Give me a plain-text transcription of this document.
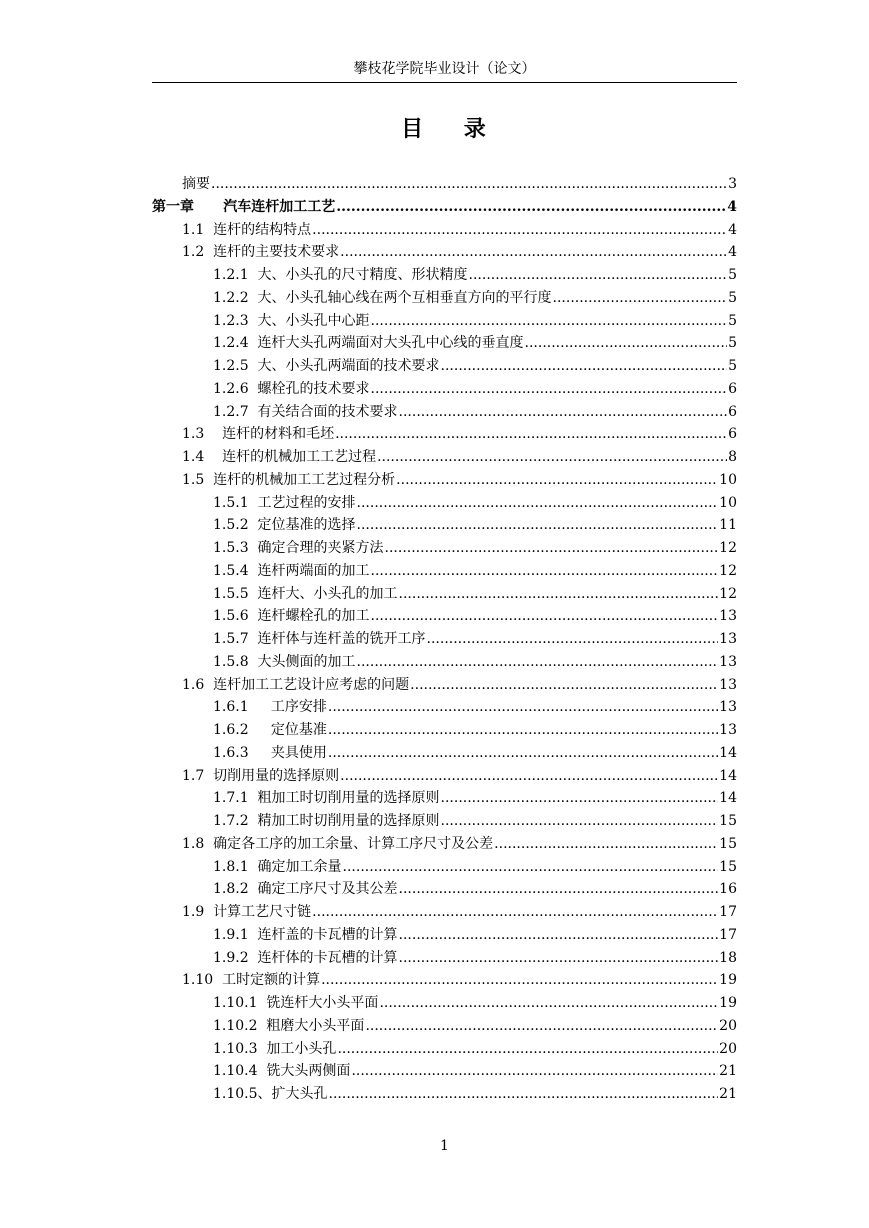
攀枝花学院毕业设计（论文）
目    录
摘要 .....	3
第一章      汽车连杆加工工艺 .....	4
1.1  连杆的结构特点 .....	4
1.2  连杆的主要技术要求 .....	4
1.2.1  大、小头孔的尺寸精度、形状精度 .....	5
1.2.2  大、小头孔轴心线在两个互相垂直方向的平行度 .....	5
1.2.3  大、小头孔中心距 .....	5
1.2.4  连杆大头孔两端面对大头孔中心线的垂直度 .....	5
1.2.5  大、小头孔两端面的技术要求 .....	5
1.2.6  螺栓孔的技术要求 .....	6
1.2.7  有关结合面的技术要求 .....	6
1.3    连杆的材料和毛坯 .....	6
1.4    连杆的机械加工工艺过程 .....	8
1.5  连杆的机械加工工艺过程分析 .....	10
1.5.1  工艺过程的安排 .....	10
1.5.2  定位基准的选择 .....	11
1.5.3  确定合理的夹紧方法 .....	12
1.5.4  连杆两端面的加工 .....	12
1.5.5  连杆大、小头孔的加工 .....	12
1.5.6  连杆螺栓孔的加工 .....	13
1.5.7  连杆体与连杆盖的铣开工序 .....	13
1.5.8  大头侧面的加工 .....	13
1.6  连杆加工工艺设计应考虑的问题 .....	13
1.6.1     工序安排 .....	13
1.6.2     定位基准 .....	13
1.6.3     夹具使用 .....	14
1.7  切削用量的选择原则 .....	14
1.7.1  粗加工时切削用量的选择原则 .....	14
1.7.2  精加工时切削用量的选择原则 .....	15
1.8  确定各工序的加工余量、计算工序尺寸及公差 .....	15
1.8.1  确定加工余量 .....	15
1.8.2  确定工序尺寸及其公差 .....	16
1.9  计算工艺尺寸链 .....	17
1.9.1  连杆盖的卡瓦槽的计算 .....	17
1.9.2  连杆体的卡瓦槽的计算 .....	18
1.10  工时定额的计算 .....	19
1.10.1  铣连杆大小头平面 .....	19
1.10.2  粗磨大小头平面 .....	20
1.10.3  加工小头孔 .....	20
1.10.4  铣大头两侧面 .....	21
1.10.5、扩大头孔 .....	21
1
